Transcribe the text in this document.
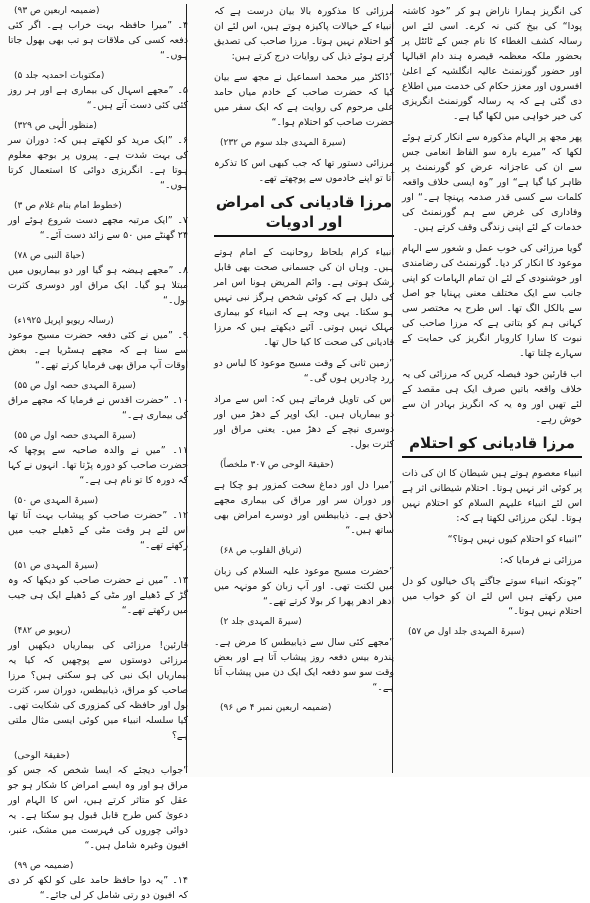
کی انگریز ہمارا ناراض ہو کر ”خود کاشتہ پودا“ کی بیخ کنی نہ کرے۔ اسی لئے اس رسالہ کشف الغطاء کا نام جس کے ٹائٹل پر بحضور ملکہ معظمہ قیصرہ ہند دام اقبالہا اور حضور گورنمنٹ عالیہ انگلشیہ کے اعلیٰ افسروں اور معزز حکام کی خدمت میں اطلاع دی گئی ہے کہ یہ رسالہ گورنمنٹ انگریزی کی خیر خواہی میں لکھا گیا ہے۔

پھر مجھ پر الہام مذکورہ سے انکار کرتے ہوئے لکھا کہ ”میرے بارہ سو الفاظ انعامی جس سے ان کی عاجزانہ عرض کو گورنمنٹ پر ظاہر کیا گیا ہے“ اور ”وہ ایسی خلاف واقعہ کلمات سے کسی قدر صدمہ پہنچا ہے۔“ اور وفاداری کی غرض سے ہم گورنمنٹ کی خدمات کے لئے اپنی زندگی وقف کرتے ہیں۔

گویا مرزائی کی خوب عمل و شعور سے الہام موعود کا انکار کر دیا۔ گورنمنٹ کی رضامندی اور خوشنودی کے لئے ان تمام الہامات کو اپنی جانب سے ایک مختلف معنی پہنایا جو اصل سے بالکل الگ تھا۔ اس طرح یہ مختصر سی کہانی ہم کو بتاتی ہے کہ مرزا صاحب کی نبوت کا سارا کاروبار انگریز کی حمایت کے سہارے چلتا تھا۔

اب قارئین خود فیصلہ کریں کہ مرزائی کی یہ خلاف واقعہ باتیں صرف ایک ہی مقصد کے لئے تھیں اور وہ یہ کہ انگریز بہادر ان سے خوش رہے۔

مرزا قادیانی کو احتلام

انبیاء معصوم ہوتے ہیں شیطان کا ان کی ذات پر کوئی اثر نہیں ہوتا۔ احتلام شیطانی اثر ہے اس لئے انبیاء علیہم السلام کو احتلام نہیں ہوتا۔ لیکن مرزائی لکھتا ہے کہ:

”انبیاء کو احتلام کیوں نہیں ہوتا؟“

مرزائی نے فرمایا کہ:

”چونکہ انبیاء سوتے جاگتے پاک خیالوں کو دل میں رکھتے ہیں اس لئے ان کو خواب میں احتلام نہیں ہوتا۔“

(سیرۃ المہدی جلد اول ص ۵۷)

مرزائی کا مذکورہ بالا بیان درست ہے کہ انبیاء کے خیالات پاکیزہ ہوتے ہیں، اس لئے ان کو احتلام نہیں ہوتا۔ مرزا صاحب کی تصدیق کرتے ہوئے ذیل کی روایات درج کرتے ہیں:

”ڈاکٹر میر محمد اسماعیل نے مجھ سے بیان کیا کہ حضرت صاحب کے خادم میاں حامد علی مرحوم کی روایت ہے کہ ایک سفر میں حضرت صاحب کو احتلام ہوا۔“

(سیرۃ المہدی جلد سوم ص ۲۳۲)

مرزائی دستور تھا کہ جب کبھی اس کا تذکرہ آتا تو اپنے خادموں سے پوچھتے تھے۔

مرزا قادیانی کی امراض اور ادویات

انبیاء کرام بلحاظ روحانیت کے امام ہوتے ہیں۔ وہاں ان کی جسمانی صحت بھی قابل رشک ہوتی ہے۔ وائم المریض ہونا اس امر کی دلیل ہے کہ کوئی شخص ہرگز نبی نہیں ہو سکتا۔ یہی وجہ ہے کہ انبیاء کو بیماری مہلک نہیں ہوتی۔ آئیے دیکھتے ہیں کہ مرزا قادیانی کی صحت کا کیا حال تھا۔

”زمین ثانی کے وقت مسیح موعود کا لباس دو زرد چادریں ہوں گی۔“

اس کی تاویل فرماتے ہیں کہ: اس سے مراد دو بیماریاں ہیں۔ ایک اوپر کے دھڑ میں اور دوسری نیچے کے دھڑ میں۔ یعنی مراق اور کثرت بول۔

(حقیقۃ الوحی ص ۳۰۷ ملخصاً)

”میرا دل اور دماغ سخت کمزور ہو چکا ہے اور دوران سر اور مراق کی بیماری مجھے لاحق ہے۔ ذیابیطس اور دوسرے امراض بھی ساتھ ہیں۔“

(تریاق القلوب ص ۶۸)

”حضرت مسیح موعود علیہ السلام کی زبان میں لکنت تھی۔ اور آپ زبان کو مونہہ میں ادھر ادھر پھرا کر بولا کرتے تھے۔“

(سیرۃ المہدی جلد ۲)

”مجھے کئی سال سے ذیابیطس کا مرض ہے۔ پندرہ بیس دفعہ روز پیشاب آتا ہے اور بعض وقت سو سو دفعہ ایک ایک دن میں پیشاب آتا ہے۔“

(ضمیمہ اربعین نمبر ۴ ص ۹۶)
(ضمیمہ اربعین ص ۹۳)
۴۔ ”میرا حافظہ بہت خراب ہے۔ اگر کئی دفعہ کسی کی ملاقات ہو تب بھی بھول جاتا ہوں۔“
(مکتوبات احمدیہ جلد ۵)
۵۔ ”مجھے اسہال کی بیماری ہے اور ہر روز کئی کئی دست آتے ہیں۔“
(منظور الٰہی ص ۳۲۹)
۶۔ ”ایک مرید کو لکھتے ہیں کہ: دوران سر کی بہت شدت ہے۔ پیروں پر بوجھ معلوم ہوتا ہے۔ انگریزی دوائی کا استعمال کرتا ہوں۔“
(خطوط امام بنام غلام ص ۳)
۷۔ ”ایک مرتبہ مجھے دست شروع ہوئے اور ۲۴ گھنٹے میں ۵۰ سے زائد دست آئے۔“
(حیاۃ النبی ص ۷۸)
۸۔ ”مجھے ہیضہ ہو گیا اور دو بیماریوں میں مبتلا ہو گیا۔ ایک مراق اور دوسری کثرت بول۔“
(رسالہ ریویو اپریل ۱۹۲۵ء)
۹۔ ”میں نے کئی دفعہ حضرت مسیح موعود سے سنا ہے کہ مجھے ہسٹریا ہے۔ بعض اوقات آپ مراق بھی فرمایا کرتے تھے۔“
(سیرۃ المہدی حصہ اول ص ۵۵)
۱۰۔ ”حضرت اقدس نے فرمایا کہ مجھے مراق کی بیماری ہے۔“
(سیرۃ المہدی حصہ اول ص ۵۵)
۱۱۔ ”میں نے والدہ صاحبہ سے پوچھا کہ حضرت صاحب کو دورہ پڑتا تھا۔ انہوں نے کہا کہ دورہ کا تو نام ہی ہے۔“
(سیرۃ المہدی ص ۵۰)
۱۲۔ ”حضرت صاحب کو پیشاب بہت آتا تھا اس لئے ہر وقت مٹی کے ڈھیلے جیب میں رکھتے تھے۔“
(سیرۃ المہدی ص ۵۱)
۱۳۔ ”میں نے حضرت صاحب کو دیکھا کہ وہ گڑ کے ڈھیلے اور مٹی کے ڈھیلے ایک ہی جیب میں رکھتے تھے۔“
(ریویو ص ۴۸۲)
قارئین! مرزائی کی بیماریاں دیکھیں اور مرزائی دوستوں سے پوچھیں کہ کیا یہ بیماریاں ایک نبی کی ہو سکتی ہیں؟ مرزا صاحب کو مراق، ذیابیطس، دوران سر، کثرت بول اور حافظہ کی کمزوری کی شکایت تھی۔ کیا سلسلہ انبیاء میں کوئی ایسی مثال ملتی ہے؟
(حقیقۃ الوحی)
”جواب دیجئے کہ ایسا شخص کہ جس کو مراق ہو اور وہ ایسے امراض کا شکار ہو جو عقل کو متاثر کرتے ہیں، اس کا الہام اور دعویٰ کس طرح قابل قبول ہو سکتا ہے۔ یہ دوائی چوروں کی فہرست میں مشک، عنبر، افیون وغیرہ شامل ہیں۔“
(ضمیمہ ص ۹۹)
۱۴۔ ”یہ دوا حافظ حامد علی کو لکھ کر دی کہ افیون دو رتی شامل کر لی جائے۔“
